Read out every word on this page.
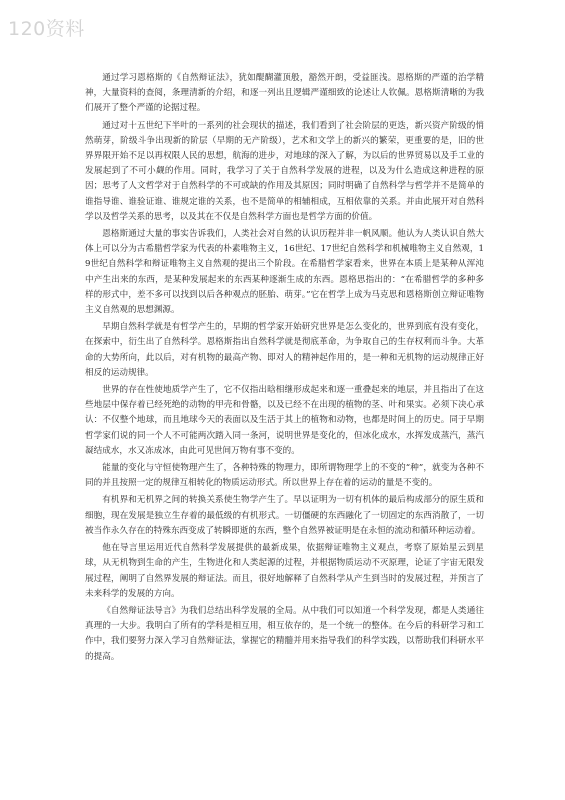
120资料

通过学习恩格斯的《自然辩证法》，犹如醍醐灌顶般，豁然开朗，受益匪浅。恩格斯的严谨的治学精神，大量资料的查阅，条理清新的介绍，和逐一列出且逻辑严谨细致的论述让人钦佩。恩格斯清晰的为我们展开了整个严谨的论据过程。

通过对十五世纪下半叶的一系列的社会现状的描述，我们看到了社会阶层的更迭，新兴资产阶级的悄然萌芽，阶级斗争出现新的阶层（早期的无产阶级），艺术和文学上的新兴的繁荣，更重要的是，旧的世界界限开始不足以再权限人民的思想，航海的进步，对地球的深入了解，为以后的世界贸易以及手工业的发展起到了不可小觑的作用。同时，我学习了关于自然科学发展的进程，以及为什么造成这种进程的原因；思考了人文哲学对于自然科学的不可或缺的作用及其原因；同时明确了自然科学与哲学并不是简单的谁指导谁、谁验证谁、谁规定谁的关系，也不是简单的相辅相成，互相依靠的关系。并由此展开对自然科学以及哲学关系的思考，以及其在不仅是自然科学方面也是哲学方面的价值。

恩格斯通过大量的事实告诉我们，人类社会对自然的认识历程并非一帆风顺。他认为人类认识自然大体上可以分为古希腊哲学家为代表的朴素唯物主义，16世纪、17世纪自然科学和机械唯物主义自然观，19世纪自然科学和辩证唯物主义自然观的提出三个阶段。在希腊哲学家看来，世界在本质上是某种从浑沌中产生出来的东西，是某种发展起来的东西某种逐渐生成的东西。恩格思指出的：“在希腊哲学的多种多样的形式中，差不多可以找到以后各种观点的胚胎、萌芽。”它在哲学上成为马克思和恩格斯创立辩证唯物主义自然观的思想渊源。

早期自然科学就是有哲学产生的，早期的哲学家开始研究世界是怎么变化的，世界到底有没有变化，在探索中，衍生出了自然科学。恩格斯指出自然科学就是彻底革命，为争取自己的生存权利而斗争。大革命的大势所向，此以后，对有机物的最高产物、即对人的精神起作用的，是一种和无机物的运动规律正好相反的运动规律。

世界的存在性使地质学产生了，它不仅指出晗相继形成起来和逐一重叠起来的地层，并且指出了在这些地层中保存着已经死绝的动物的甲壳和骨骼，以及已经不在出现的植物的茎、叶和果实。必须下决心承认：不仅整个地球，而且地球今天的表面以及生活于其上的植物和动物，也都是时间上的历史。同于早期哲学家们说的同一个人不可能两次踏入同一条河，说明世界是变化的，但冰化成水，水挥发成蒸汽，蒸汽凝结成水，水又冻成冰，由此可见世间万物有事不变的。

能量的变化与守恒使物理产生了，各种特殊的物理力，即所谓物理学上的不变的“种”，就变为各种不同的并且按照一定的规律互相转化的物质运动形式。所以世界上存在着的运动的量是不变的。

有机界和无机界之间的转换关系使生物学产生了。早以证明为一切有机体的最后构成部分的原生质和细胞，现在发展是独立生存着的最低级的有机形式。一切僵硬的东西融化了一切固定的东西消散了，一切被当作永久存在的特殊东西变成了转瞬即逝的东西，整个自然界被证明是在永恒的流动和循环种运动着。

他在导言里运用近代自然科学发展提供的最新成果，依据辩证唯物主义观点，考察了原始星云到星球，从无机物到生命的产生，生物进化和人类起源的过程，并根据物质运动不灭原理，论证了宇宙无限发展过程，阐明了自然界发展的辩证法。而且，很好地解释了自然科学从产生到当时的发展过程，并预言了未来科学的发展的方向。

《自然辩证法导言》为我们总结出科学发展的全局。从中我们可以知道一个科学发现，都是人类通往真理的一大步。我明白了所有的学科是相互用，相互依存的，是一个统一的整体。在今后的科研学习和工作中，我们要努力深入学习自然辩证法，掌握它的精髓并用来指导我们的科学实践，以帮助我们科研水平的提高。
